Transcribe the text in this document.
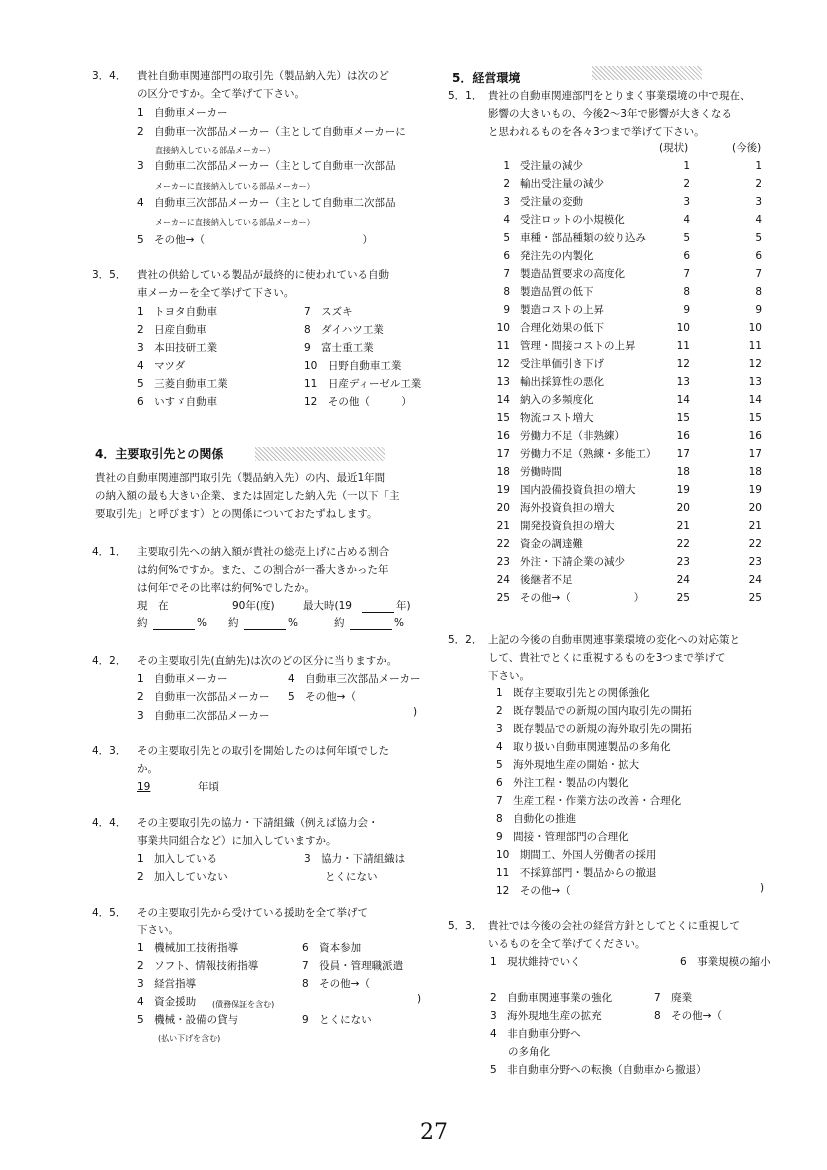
3．4． 貴社自動車関連部門の取引先（製品納入先）は次のど
の区分ですか。全て挙げて下さい。
1　自動車メーカー
2　自動車一次部品メーカー（主として自動車メーカーに
直接納入している部品メーカー）
3　自動車二次部品メーカー（主として自動車一次部品
メーカーに直接納入している部品メーカー）
4　自動車三次部品メーカー（主として自動車二次部品
メーカーに直接納入している部品メーカー）
5　その他→（　　　　　　　　　　　　　　　）
3．5． 貴社の供給している製品が最終的に使われている自動
車メーカーを全て挙げて下さい。
1　トヨタ自動車
2　日産自動車
3　本田技研工業
4　マツダ
5　三菱自動車工業
6　いすゞ自動車
7　スズキ
8　ダイハツ工業
9　富士重工業
10　日野自動車工業
11　日産ディーゼル工業
12　その他（　　　）
4．主要取引先との関係
貴社の自動車関連部門取引先（製品納入先）の内、最近1年間
の納入額の最も大きい企業、または固定した納入先（一以下「主
要取引先」と呼びます）との関係についておたずねします。
4．1． 主要取引先への納入額が貴社の総売上げに占める割合
は約何%ですか。また、この割合が一番大きかった年
は何年でその比率は約何%でしたか。
現　在	90年(度)	最大時(19	年)
約	% 約	%	約	%
4．2． その主要取引先(直納先)は次のどの区分に当りますか。
1　自動車メーカー	4　自動車三次部品メーカー
2　自動車一次部品メーカー 5　その他→（
3　自動車二次部品メーカー	)
4．3． その主要取引先との取引を開始したのは何年頃でした
か。
19	年頃
4．4． その主要取引先の協力・下請組織（例えば協力会・
事業共同組合など）に加入していますか。
1　加入している	3　協力・下請組織は
2　加入していない	とくにない
4．5． その主要取引先から受けている援助を全て挙げて
下さい。
1　機械加工技術指導
2　ソフト、情報技術指導
3　経営指導
4　資金援助 (債務保証を含む)
5　機械・設備の貸与
(払い下げを含む)
6　資本参加
7　役員・管理職派遣
8　その他→（
)
9　とくにない
5．経営環境
5．1． 貴社の自動車関連部門をとりまく事業環境の中で現在、
影響の大きいもの、今後2～3年で影響が大きくなる
と思われるものを各々3つまで挙げて下さい。
(現状)	(今後)
1 受注量の減少	1	1
2 輸出受注量の減少	2	2
3 受注量の変動	3	3
4 受注ロットの小規模化	4	4
5 車種・部品種類の絞り込み	5	5
6 発注先の内製化	6	6
7 製造品質要求の高度化	7	7
8 製造品質の低下	8	8
9 製造コストの上昇	9	9
10 合理化効果の低下	10	10
11 管理・間接コストの上昇	11	11
12 受注単価引き下げ	12	12
13 輸出採算性の悪化	13	13
14 納入の多頻度化	14	14
15 物流コスト増大	15	15
16 労働力不足（非熟練）	16	16
17 労働力不足（熟練・多能工）	17	17
18 労働時間	18	18
19 国内設備投資負担の増大	19	19
20 海外投資負担の増大	20	20
21 開発投資負担の増大	21	21
22 資金の調達難	22	22
23 外注・下請企業の減少	23	23
24 後継者不足	24	24
25 その他→（　　　　　　）	25	25
5．2． 上記の今後の自動車関連事業環境の変化への対応策と
して、貴社でとくに重視するものを3つまで挙げて
下さい。
1　既存主要取引先との関係強化
2　既存製品での新規の国内取引先の開拓
3　既存製品での新規の海外取引先の開拓
4　取り扱い自動車関連製品の多角化
5　海外現地生産の開始・拡大
6　外注工程・製品の内製化
7　生産工程・作業方法の改善・合理化
8　自動化の推進
9　間接・管理部門の合理化
10　期間工、外国人労働者の採用
11　不採算部門・製品からの撤退
12　その他→（	)
5．3． 貴社では今後の会社の経営方針としてとくに重視して
いるものを全て挙げてください。
1　現状維持でいく	6　事業規模の縮小
2　自動車関連事業の強化	7　廃業
3　海外現地生産の拡充	8　その他→（
4　非自動車分野へ
の多角化
5　非自動車分野への転換（自動車から撤退）
27
